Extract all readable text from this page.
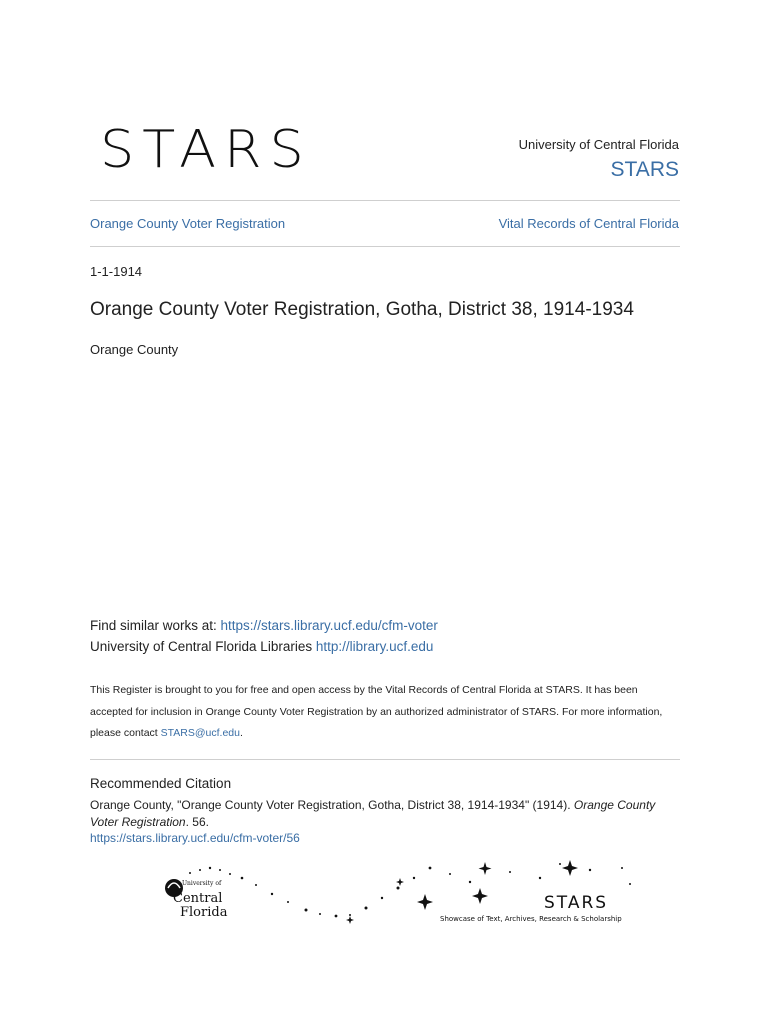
STARS	University of Central Florida
STARS
Orange County Voter Registration	Vital Records of Central Florida
1-1-1914
Orange County Voter Registration, Gotha, District 38, 1914-1934
Orange County
Find similar works at: https://stars.library.ucf.edu/cfm-voter
University of Central Florida Libraries http://library.ucf.edu
This Register is brought to you for free and open access by the Vital Records of Central Florida at STARS. It has been accepted for inclusion in Orange County Voter Registration by an authorized administrator of STARS. For more information, please contact STARS@ucf.edu.
Recommended Citation
Orange County, "Orange County Voter Registration, Gotha, District 38, 1914-1934" (1914). Orange County Voter Registration. 56.
https://stars.library.ucf.edu/cfm-voter/56
University of
Central
Florida	STARS
Showcase of Text, Archives, Research & Scholarship
